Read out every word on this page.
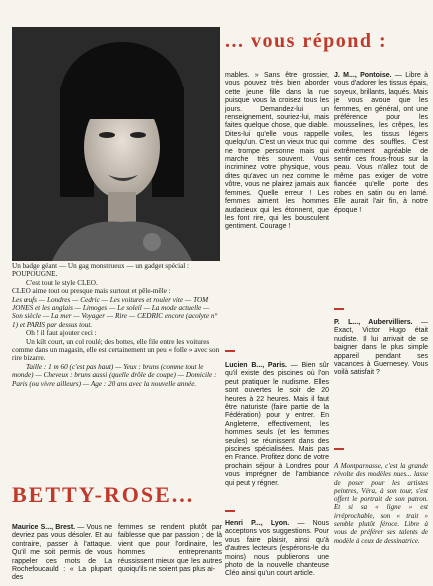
Un badge géant — Un gag monstrueux — un gadget spécial : POUPOUGNE.

C'est tout le style CLEO.

CLEO aime tout ou presque mais surtout et pêle-mêle :

Les œufs — Londres — Cedric — Les voitures et rouler vite — TOM JONES et les anglais — Limoges — Le soleil — La mode actuelle — Son siècle — La mer — Voyager — Rire — CEDRIC encore (acolyte n° 1) et PARIS par dessus tout.

Oh ! il faut ajouter ceci :

Un kilt court, un col roulé; des bottes, elle file entre les voitures comme dans un magasin, elle est certainement un peu « folle » avec son rire bizarre.

Taille : 1 m 60 (c'est pas haut) — Yeux : bruns (comme tout le monde) — Cheveux : bruns aussi (quelle drôle de coupe) — Domicile : Paris (ou vivre ailleurs) — Age : 20 ans avec la nouvelle année.

... vous répond :

mables. » Sans être grossier, vous pouvez très bien aborder cette jeune fille dans la rue puisque vous la croisez tous les jours. Demandez-lui un renseignement, souriez-lui, mais faites quelque chose, que diable. Dites-lui qu'elle vous rappelle quelqu'un. C'est un vieux truc qui ne trompe personne mais qui marche très souvent. Vous incriminez votre physique, vous dites qu'avec un nez comme le vôtre, vous ne plairez jamais aux femmes. Quelle erreur ! Les femmes aiment les hommes audacieux qui les étonnent, que les font rire, qui les bousculent gentiment. Courage !

J. M..., Pontoise. — Libre à vous d'adorer les tissus épais, soyeux, brillants, laqués. Mais je vous avoue que les femmes, en général, ont une préférence pour les mousselines, les crêpes, les voiles, les tissus légers comme des souffles. C'est extrêmement agréable de sentir ces frous-frous sur la peau. Vous n'allez tout de même pas exiger de votre fiancée qu'elle porte des robes en satin ou en lamé. Elle aurait l'air fin, à notre époque !

Lucien B..., Paris. — Bien sûr qu'il existe des piscines où l'on peut pratiquer le nudisme. Elles sont ouvertes le soir de 20 heures à 22 heures. Mais il faut être naturiste (faire partie de la Fédération) pour y entrer. En Angleterre, effectivement, les hommes seuls (et les femmes seules) se réunissent dans des piscines spécialisées. Mais pas en France. Profitez donc de votre prochain séjour à Londres pour vous imprégner de l'ambiance qui peut y régner.

Henri P..., Lyon. — Nous acceptons vos suggestions. Pour vous faire plaisir, ainsi qu'à d'autres lecteurs (espérons-le du moins) nous publierons une photo de la nouvelle chanteuse Cléo ainsi qu'un court article.

P. L..., Aubervilliers. — Exact, Victor Hugo était nudiste. Il lui arrivait de se baigner dans le plus simple appareil pendant ses vacances à Guernesey. Vous voilà satisfait ?

A Montparnasse, c'est la grande révolte des modèles nues... lasse de poser pour les artistes peintres, Véra, à son tour, s'est offert le portrait de son patron. Et si sa « ligne » est irréprochable, son « trait » semble plutôt féroce. Libre à vous de préférer ses talents de modèle à ceux de dessinatrice.
BETTY-ROSE...

Maurice S..., Brest. — Vous ne devriez pas vous désoler. Et au contraire, passer à l'attaque. Qu'il me soit permis de vous rappeler ces mots de La Rochefoucauld : « La plupart des

femmes se rendent plutôt par faiblesse que par passion ; de là vient que pour l'ordinaire, les hommes entreprenants réussissent mieux que les autres quoiqu'ils ne soient pas plus ai-
